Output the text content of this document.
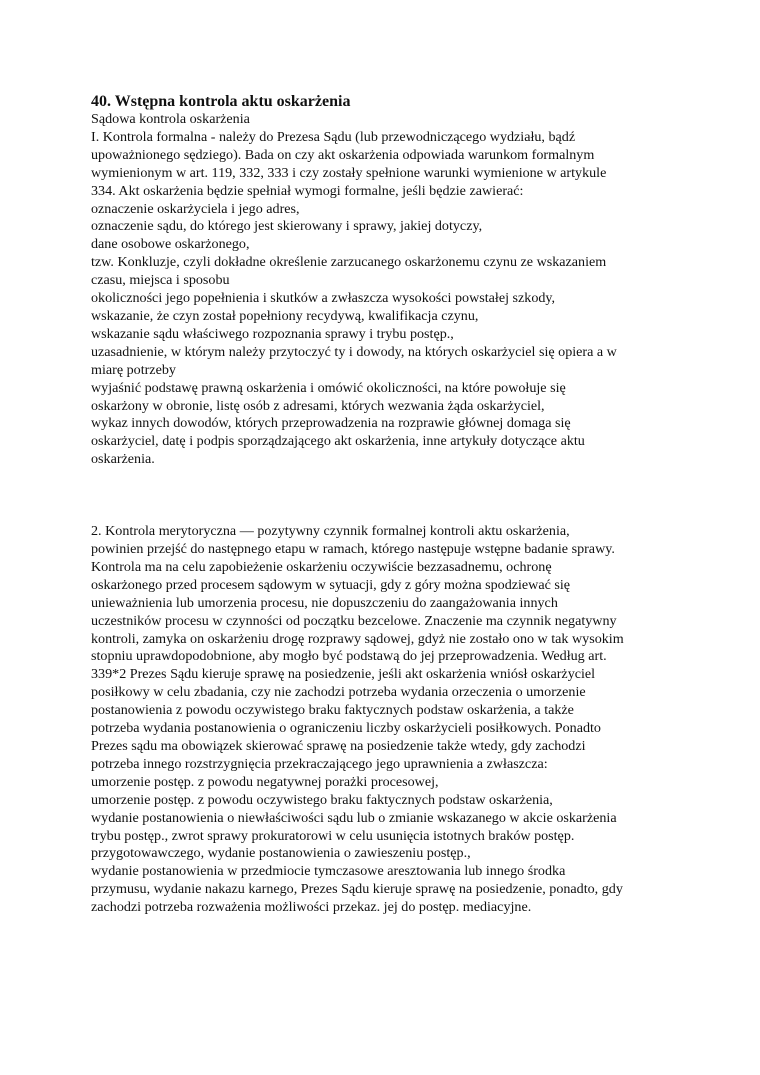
40. Wstępna kontrola aktu oskarżenia
Sądowa kontrola oskarżenia
I. Kontrola formalna - należy do Prezesa Sądu (lub przewodniczącego wydziału, bądź
upoważnionego sędziego). Bada on czy akt oskarżenia odpowiada warunkom formalnym
wymienionym w art. 119, 332, 333 i czy zostały spełnione warunki wymienione w artykule
334. Akt oskarżenia będzie spełniał wymogi formalne, jeśli będzie zawierać:
oznaczenie oskarżyciela i jego adres,
oznaczenie sądu, do którego jest skierowany i sprawy, jakiej dotyczy,
dane osobowe oskarżonego,
tzw. Konkluzje, czyli dokładne określenie zarzucanego oskarżonemu czynu ze wskazaniem
czasu, miejsca i sposobu
okoliczności jego popełnienia i skutków a zwłaszcza wysokości powstałej szkody,
wskazanie, że czyn został popełniony recydywą, kwalifikacja czynu,
wskazanie sądu właściwego rozpoznania sprawy i trybu postęp.,
uzasadnienie, w którym należy przytoczyć ty i dowody, na których oskarżyciel się opiera a w
miarę potrzeby
wyjaśnić podstawę prawną oskarżenia i omówić okoliczności, na które powołuje się
oskarżony w obronie, listę osób z adresami, których wezwania żąda oskarżyciel,
wykaz innych dowodów, których przeprowadzenia na rozprawie głównej domaga się
oskarżyciel, datę i podpis sporządzającego akt oskarżenia, inne artykuły dotyczące aktu
oskarżenia.
2. Kontrola merytoryczna — pozytywny czynnik formalnej kontroli aktu oskarżenia,
powinien przejść do następnego etapu w ramach, którego następuje wstępne badanie sprawy.
Kontrola ma na celu zapobieżenie oskarżeniu oczywiście bezzasadnemu, ochronę
oskarżonego przed procesem sądowym w sytuacji, gdy z góry można spodziewać się
unieważnienia lub umorzenia procesu, nie dopuszczeniu do zaangażowania innych
uczestników procesu w czynności od początku bezcelowe. Znaczenie ma czynnik negatywny
kontroli, zamyka on oskarżeniu drogę rozprawy sądowej, gdyż nie zostało ono w tak wysokim
stopniu uprawdopodobnione, aby mogło być podstawą do jej przeprowadzenia. Według art.
339*2 Prezes Sądu kieruje sprawę na posiedzenie, jeśli akt oskarżenia wniósł oskarżyciel
posiłkowy w celu zbadania, czy nie zachodzi potrzeba wydania orzeczenia o umorzenie
postanowienia z powodu oczywistego braku faktycznych podstaw oskarżenia, a także
potrzeba wydania postanowienia o ograniczeniu liczby oskarżycieli posiłkowych. Ponadto
Prezes sądu ma obowiązek skierować sprawę na posiedzenie także wtedy, gdy zachodzi
potrzeba innego rozstrzygnięcia przekraczającego jego uprawnienia a zwłaszcza:
umorzenie postęp. z powodu negatywnej porażki procesowej,
umorzenie postęp. z powodu oczywistego braku faktycznych podstaw oskarżenia,
wydanie postanowienia o niewłaściwości sądu lub o zmianie wskazanego w akcie oskarżenia
trybu postęp., zwrot sprawy prokuratorowi w celu usunięcia istotnych braków postęp.
przygotowawczego, wydanie postanowienia o zawieszeniu postęp.,
wydanie postanowienia w przedmiocie tymczasowe aresztowania lub innego środka
przymusu, wydanie nakazu karnego, Prezes Sądu kieruje sprawę na posiedzenie, ponadto, gdy
zachodzi potrzeba rozważenia możliwości przekaz. jej do postęp. mediacyjne.
